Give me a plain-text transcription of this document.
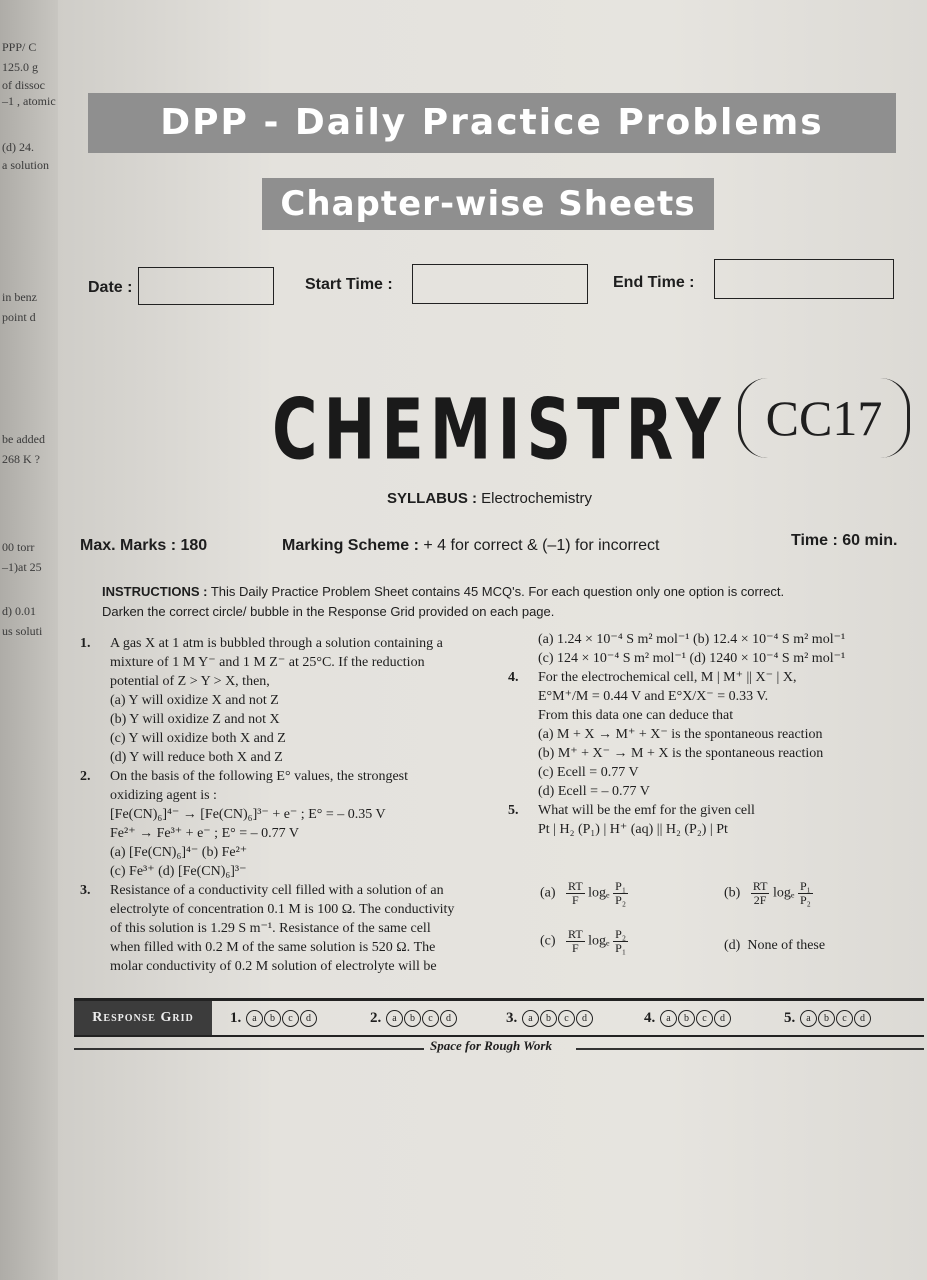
PPP/ C
125.0 g
of dissoc
–1 , atomic
(d) 24.
a solution
in benz
point d
be added
268 K ?
00 torr
–1)at 25
d) 0.01
us soluti
DPP - Daily Practice Problems
Chapter-wise Sheets
Date :	Start Time :	End Time :
CHEMISTRY CC17
SYLLABUS : Electrochemistry
Max. Marks : 180	Marking Scheme : + 4 for correct & (–1) for incorrect	Time : 60 min.
INSTRUCTIONS : This Daily Practice Problem Sheet contains 45 MCQ's. For each question only one option is correct.
Darken the correct circle/ bubble in the Response Grid provided on each page.
1. A gas X at 1 atm is bubbled through a solution containing a
mixture of 1 M Y⁻ and 1 M Z⁻ at 25°C. If the reduction
potential of Z > Y > X, then,
(a) Y will oxidize X and not Z
(b) Y will oxidize Z and not X
(c) Y will oxidize both X and Z
(d) Y will reduce both X and Z
2. On the basis of the following E° values, the strongest
oxidizing agent is :
[Fe(CN)₆]⁴⁻ → [Fe(CN)₆]³⁻ + e⁻ ; E° = – 0.35 V
Fe²⁺ → Fe³⁺ + e⁻ ; E° = – 0.77 V
(a) [Fe(CN)₆]⁴⁻ (b) Fe²⁺
(c) Fe³⁺ (d) [Fe(CN)₆]³⁻
3. Resistance of a conductivity cell filled with a solution of an
electrolyte of concentration 0.1 M is 100 Ω. The conductivity
of this solution is 1.29 S m⁻¹. Resistance of the same cell
when filled with 0.2 M of the same solution is 520 Ω. The
molar conductivity of 0.2 M solution of electrolyte will be
(a) 1.24 × 10⁻⁴ S m² mol⁻¹ (b) 12.4 × 10⁻⁴ S m² mol⁻¹
(c) 124 × 10⁻⁴ S m² mol⁻¹ (d) 1240 × 10⁻⁴ S m² mol⁻¹
4. For the electrochemical cell, M | M⁺ || X⁻ | X,
E°M⁺/M = 0.44 V and E°X/X⁻ = 0.33 V.
From this data one can deduce that
(a) M + X → M⁺ + X⁻ is the spontaneous reaction
(b) M⁺ + X⁻ → M + X is the spontaneous reaction
(c) Ecell = 0.77 V
(d) Ecell = – 0.77 V
5. What will be the emf for the given cell
Pt | H₂ (P₁) | H⁺ (aq) || H₂ (P₂) | Pt
$(a) \frac{RT}{F}$ logₑ $\frac{\text{P₁}}{\text{P₂}}$	$(b) \frac{RT}{2F}$ logₑ $\frac{\text{P₁}}{\text{P₂}}$
$(c) \frac{RT}{F}$ logₑ $\frac{\text{P₂}}{\text{P₁}}$	(d) None of these
Response Grid	1. a b c d	2. a b c d	3. a b c d	4. a b c d	5. a b c d
Space for Rough Work
